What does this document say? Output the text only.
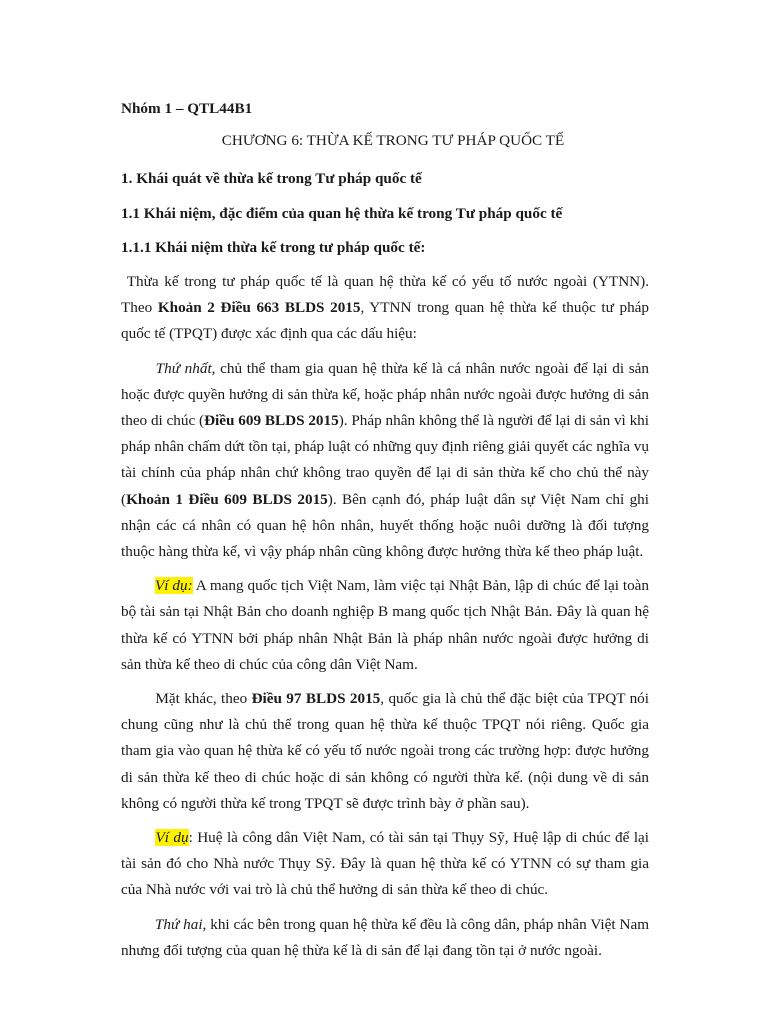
Nhóm 1 – QTL44B1
CHƯƠNG 6: THỪA KẾ TRONG TƯ PHÁP QUỐC TẾ
1. Khái quát về thừa kế trong Tư pháp quốc tế
1.1 Khái niệm, đặc điểm của quan hệ thừa kế trong Tư pháp quốc tế
1.1.1 Khái niệm thừa kế trong tư pháp quốc tế:

Thừa kế trong tư pháp quốc tế là quan hệ thừa kế có yếu tố nước ngoài (YTNN). Theo Khoản 2 Điều 663 BLDS 2015, YTNN trong quan hệ thừa kế thuộc tư pháp quốc tế (TPQT) được xác định qua các dấu hiệu:

Thứ nhất, chủ thể tham gia quan hệ thừa kế là cá nhân nước ngoài để lại di sản hoặc được quyền hưởng di sản thừa kế, hoặc pháp nhân nước ngoài được hưởng di sản theo di chúc (Điều 609 BLDS 2015). Pháp nhân không thể là người để lại di sản vì khi pháp nhân chấm dứt tồn tại, pháp luật có những quy định riêng giải quyết các nghĩa vụ tài chính của pháp nhân chứ không trao quyền để lại di sản thừa kế cho chủ thể này (Khoản 1 Điều 609 BLDS 2015). Bên cạnh đó, pháp luật dân sự Việt Nam chỉ ghi nhận các cá nhân có quan hệ hôn nhân, huyết thống hoặc nuôi dưỡng là đối tượng thuộc hàng thừa kế, vì vậy pháp nhân cũng không được hưởng thừa kế theo pháp luật.

Ví dụ: A mang quốc tịch Việt Nam, làm việc tại Nhật Bản, lập di chúc để lại toàn bộ tài sản tại Nhật Bản cho doanh nghiệp B mang quốc tịch Nhật Bản. Đây là quan hệ thừa kế có YTNN bởi pháp nhân Nhật Bản là pháp nhân nước ngoài được hưởng di sản thừa kế theo di chúc của công dân Việt Nam.

Mặt khác, theo Điều 97 BLDS 2015, quốc gia là chủ thể đặc biệt của TPQT nói chung cũng như là chủ thể trong quan hệ thừa kế thuộc TPQT nói riêng. Quốc gia tham gia vào quan hệ thừa kế có yếu tố nước ngoài trong các trường hợp: được hưởng di sản thừa kế theo di chúc hoặc di sản không có người thừa kế. (nội dung về di sản không có người thừa kế trong TPQT sẽ được trình bày ở phần sau).

Ví dụ: Huệ là công dân Việt Nam, có tài sản tại Thụy Sỹ, Huệ lập di chúc để lại tài sản đó cho Nhà nước Thụy Sỹ. Đây là quan hệ thừa kế có YTNN có sự tham gia của Nhà nước với vai trò là chủ thể hưởng di sản thừa kế theo di chúc.

Thứ hai, khi các bên trong quan hệ thừa kế đều là công dân, pháp nhân Việt Nam nhưng đối tượng của quan hệ thừa kế là di sản để lại đang tồn tại ở nước ngoài.
